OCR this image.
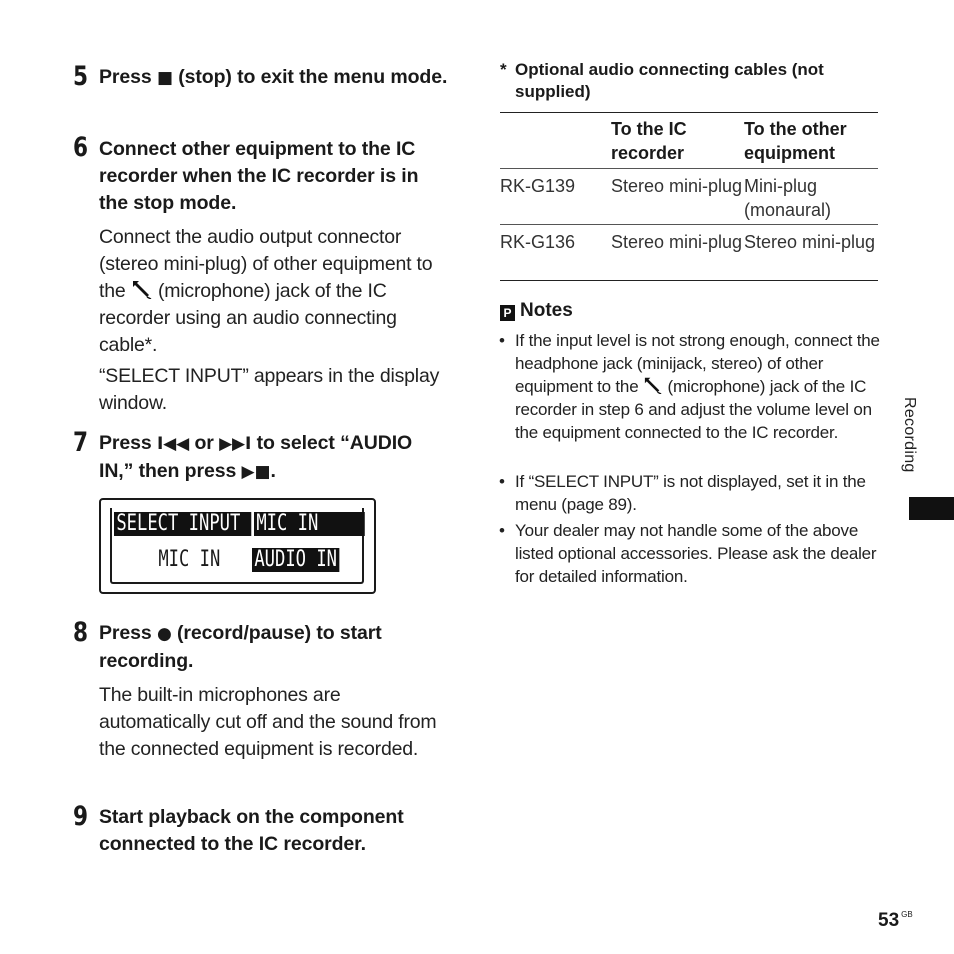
5 Press ■ (stop) to exit the menu mode.
6 Connect other equipment to the IC recorder when the IC recorder is in the stop mode.
Connect the audio output connector (stereo mini-plug) of other equipment to the  (microphone) jack of the IC recorder using an audio connecting cable*.
“SELECT INPUT” appears in the display window.
7 Press I◀◀ or ▶▶I to select “AUDIO IN,” then press ▶■.
SELECT INPUT MIC IN
MIC IN AUDIO IN
8 Press ● (record/pause) to start recording.
The built-in microphones are automatically cut off and the sound from the connected equipment is recorded.
9 Start playback on the component connected to the IC recorder.
* Optional audio connecting cables (not supplied)
	To the IC recorder	To the other equipment
RK-G139	Stereo mini-plug	Mini-plug (monaural)
RK-G136	Stereo mini-plug	Stereo mini-plug
P Notes
• If the input level is not strong enough, connect the headphone jack (minijack, stereo) of other equipment to the  (microphone) jack of the IC recorder in step 6 and adjust the volume level on the equipment connected to the IC recorder.
• If “SELECT INPUT” is not displayed, set it in the menu (page 89).
• Your dealer may not handle some of the above listed optional accessories. Please ask the dealer for detailed information.
Recording
53 $^{GB}$
